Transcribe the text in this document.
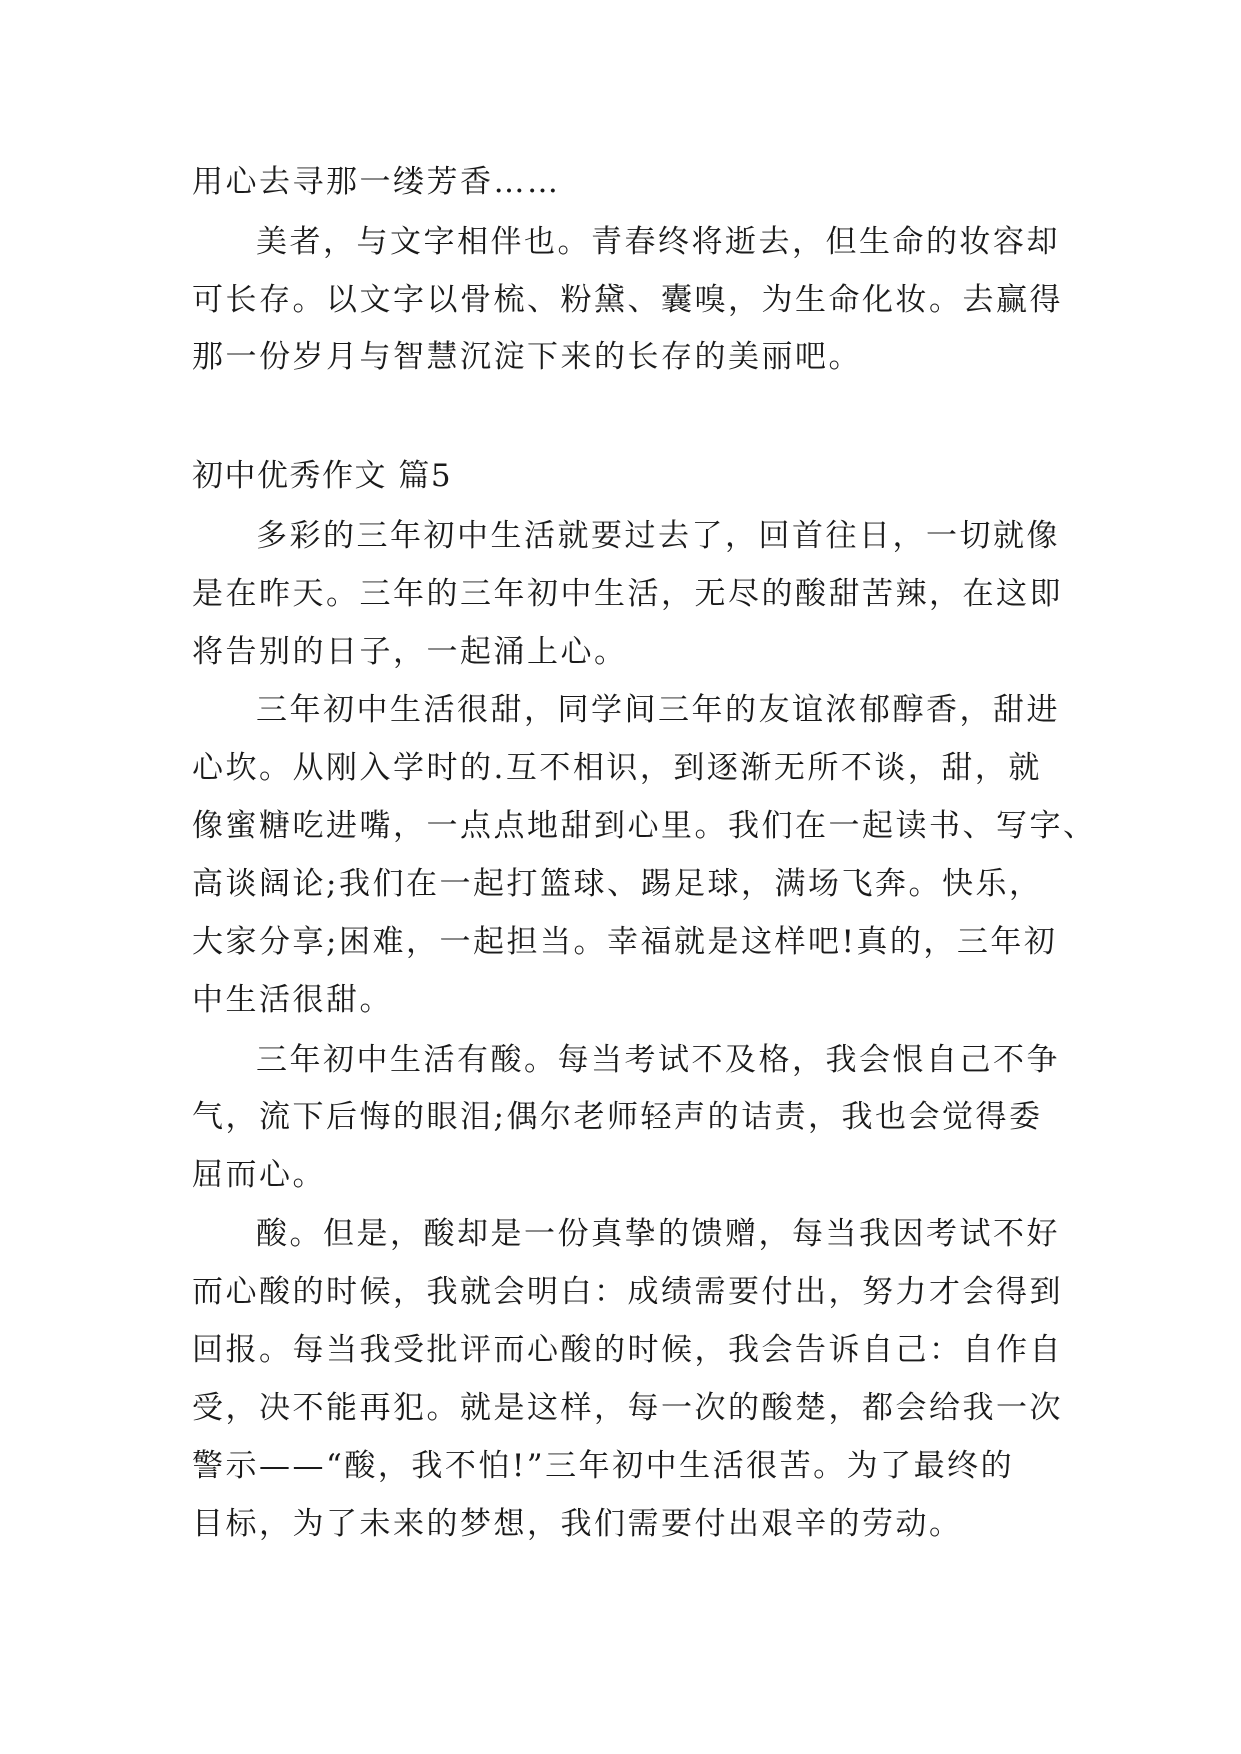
用心去寻那一缕芳香……
美者，与文字相伴也。青春终将逝去，但生命的妆容却
可长存。以文字以骨梳、粉黛、囊嗅，为生命化妆。去赢得
那一份岁月与智慧沉淀下来的长存的美丽吧。
初中优秀作文 篇5
多彩的三年初中生活就要过去了，回首往日，一切就像
是在昨天。三年的三年初中生活，无尽的酸甜苦辣，在这即
将告别的日子，一起涌上心。
三年初中生活很甜，同学间三年的友谊浓郁醇香，甜进
心坎。从刚入学时的.互不相识，到逐渐无所不谈，甜，就
像蜜糖吃进嘴，一点点地甜到心里。我们在一起读书、写字、
高谈阔论;我们在一起打篮球、踢足球，满场飞奔。快乐，
大家分享;困难，一起担当。幸福就是这样吧!真的，三年初
中生活很甜。
三年初中生活有酸。每当考试不及格，我会恨自己不争
气，流下后悔的眼泪;偶尔老师轻声的诘责，我也会觉得委
屈而心。
酸。但是，酸却是一份真挚的馈赠，每当我因考试不好
而心酸的时候，我就会明白：成绩需要付出，努力才会得到
回报。每当我受批评而心酸的时候，我会告诉自己：自作自
受，决不能再犯。就是这样，每一次的酸楚，都会给我一次
警示——“酸，我不怕!”三年初中生活很苦。为了最终的
目标，为了未来的梦想，我们需要付出艰辛的劳动。
